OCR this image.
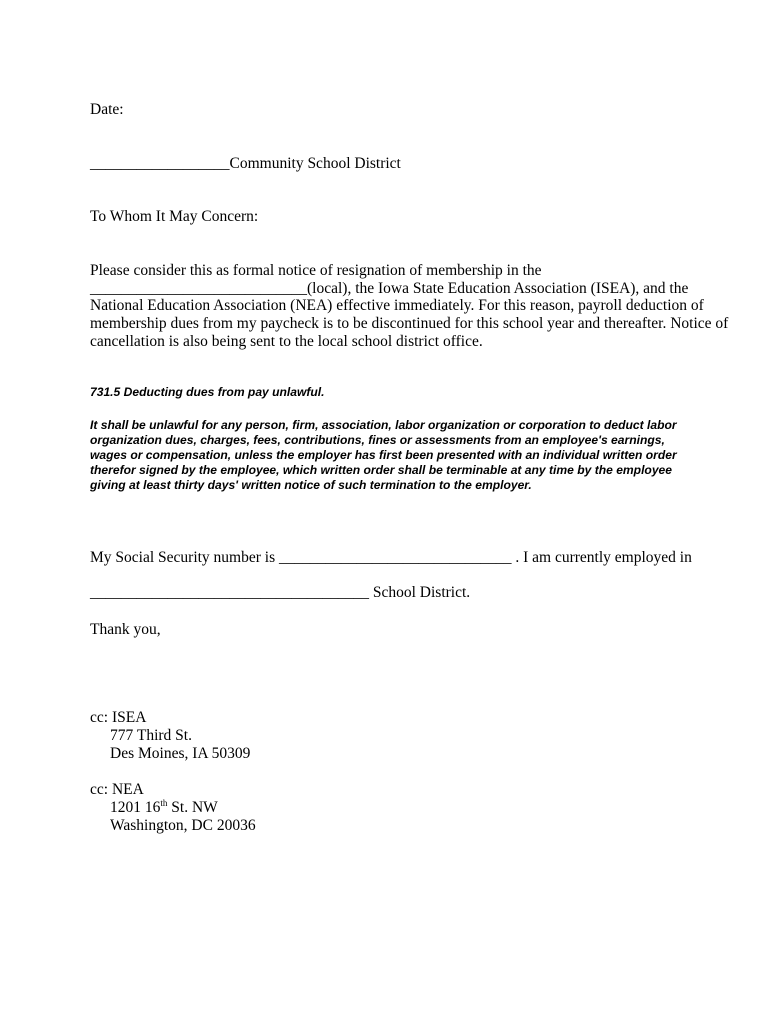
Date:

__________________Community School District

To Whom It May Concern:

Please consider this as formal notice of resignation of membership in the

____________________________(local), the Iowa State Education Association (ISEA), and the

National Education Association (NEA) effective immediately. For this reason, payroll deduction of

membership dues from my paycheck is to be discontinued for this school year and thereafter. Notice of

cancellation is also being sent to the local school district office.

731.5 Deducting dues from pay unlawful.

It shall be unlawful for any person, firm, association, labor organization or corporation to deduct labor

organization dues, charges, fees, contributions, fines or assessments from an employee's earnings,

wages or compensation, unless the employer has first been presented with an individual written order

therefor signed by the employee, which written order shall be terminable at any time by the employee

giving at least thirty days' written notice of such termination to the employer.

My Social Security number is ______________________________ . I am currently employed in

____________________________________ School District.

Thank you,

cc: ISEA

777 Third St.

Des Moines, IA 50309

cc: NEA

1201 16th St. NW

Washington, DC 20036
